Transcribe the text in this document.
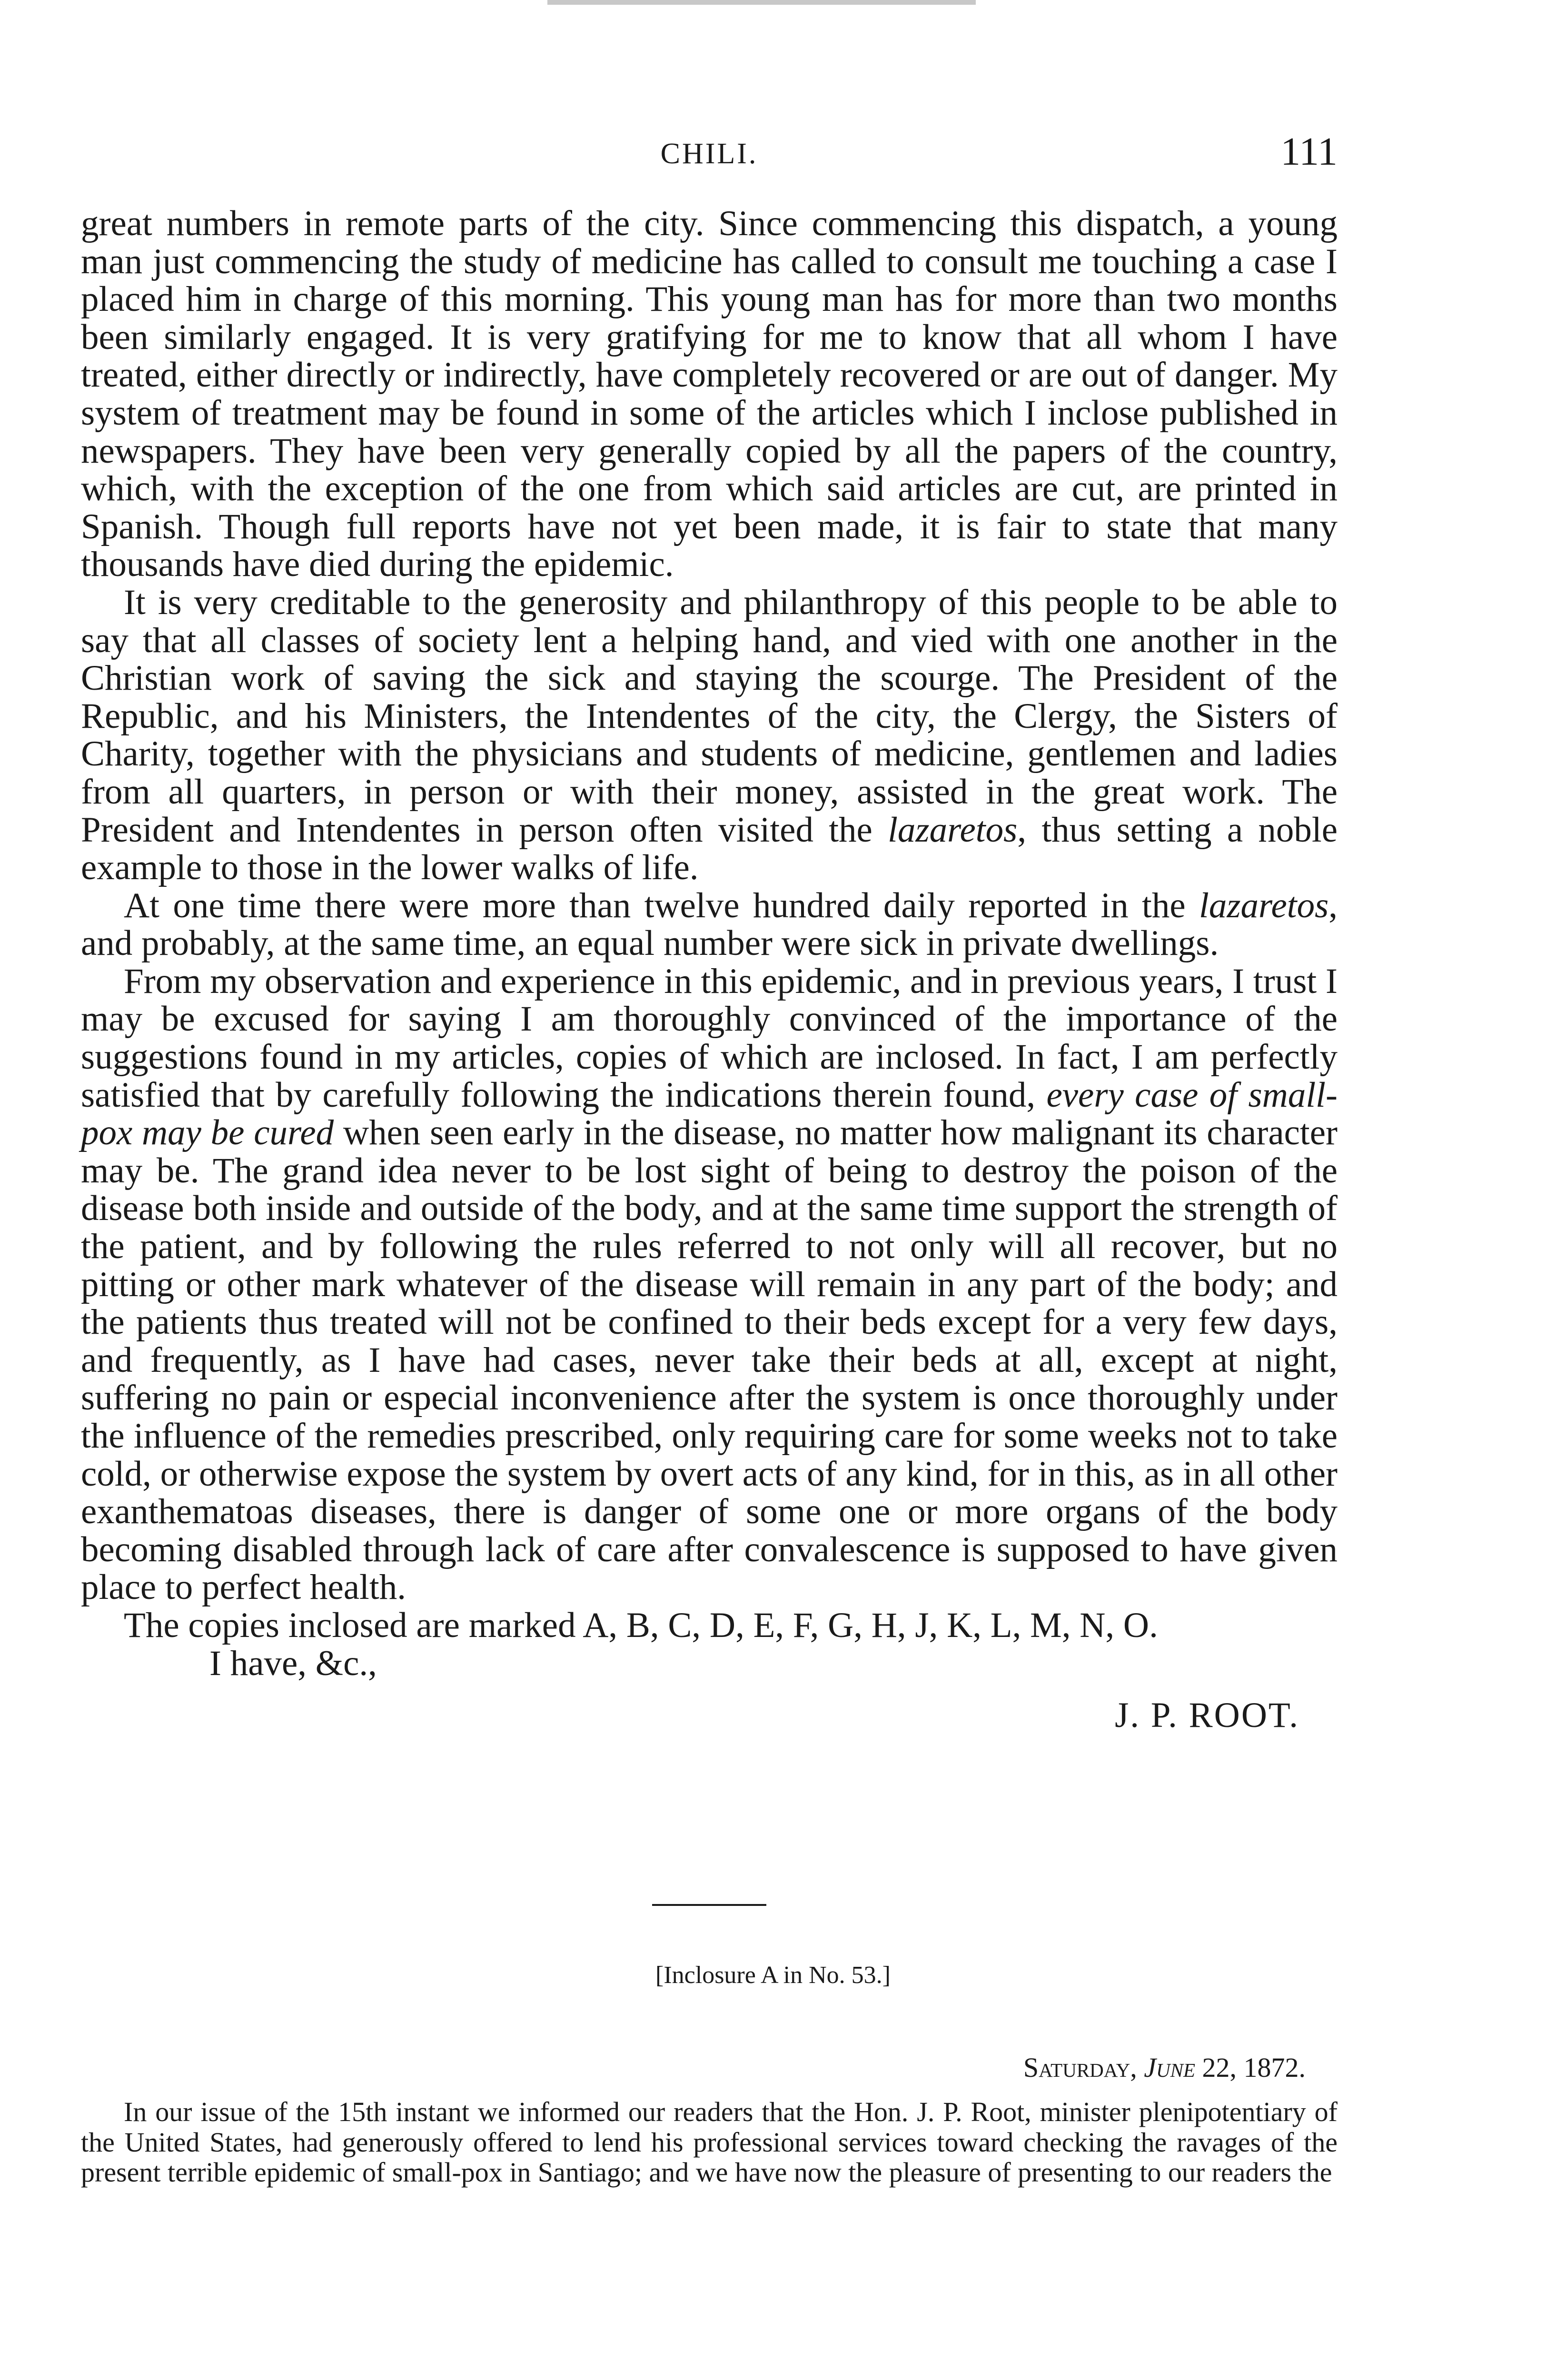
CHILI.	111

great numbers in remote parts of the city. Since commencing this dispatch, a young man just commencing the study of medicine has called to consult me touching a case I placed him in charge of this morning. This young man has for more than two months been similarly engaged. It is very gratifying for me to know that all whom I have treated, either directly or indirectly, have completely recovered or are out of danger. My system of treatment may be found in some of the articles which I inclose published in newspapers. They have been very generally copied by all the papers of the country, which, with the exception of the one from which said articles are cut, are printed in Spanish. Though full reports have not yet been made, it is fair to state that many thousands have died during the epidemic.

It is very creditable to the generosity and philanthropy of this people to be able to say that all classes of society lent a helping hand, and vied with one another in the Christian work of saving the sick and staying the scourge. The President of the Republic, and his Ministers, the Intendentes of the city, the Clergy, the Sisters of Charity, together with the physicians and students of medicine, gentlemen and ladies from all quarters, in person or with their money, assisted in the great work. The President and Intendentes in person often visited the lazaretos, thus setting a noble example to those in the lower walks of life.

At one time there were more than twelve hundred daily reported in the lazaretos, and probably, at the same time, an equal number were sick in private dwellings.

From my observation and experience in this epidemic, and in previous years, I trust I may be excused for saying I am thoroughly convinced of the importance of the suggestions found in my articles, copies of which are inclosed. In fact, I am perfectly satisfied that by carefully following the indications therein found, every case of small-pox may be cured when seen early in the disease, no matter how malignant its character may be. The grand idea never to be lost sight of being to destroy the poison of the disease both inside and outside of the body, and at the same time support the strength of the patient, and by following the rules referred to not only will all recover, but no pitting or other mark whatever of the disease will remain in any part of the body; and the patients thus treated will not be confined to their beds except for a very few days, and frequently, as I have had cases, never take their beds at all, except at night, suffering no pain or especial inconvenience after the system is once thoroughly under the influence of the remedies prescribed, only requiring care for some weeks not to take cold, or otherwise expose the system by overt acts of any kind, for in this, as in all other exanthematoas diseases, there is danger of some one or more organs of the body becoming disabled through lack of care after convalescence is supposed to have given place to perfect health.

The copies inclosed are marked A, B, C, D, E, F, G, H, J, K, L, M, N, O.

I have, &c.,
J. P. ROOT.
[Inclosure A in No. 53.]
Saturday, June 22, 1872.

In our issue of the 15th instant we informed our readers that the Hon. J. P. Root, minister plenipotentiary of the United States, had generously offered to lend his professional services toward checking the ravages of the present terrible epidemic of small-pox in Santiago; and we have now the pleasure of presenting to our readers the
